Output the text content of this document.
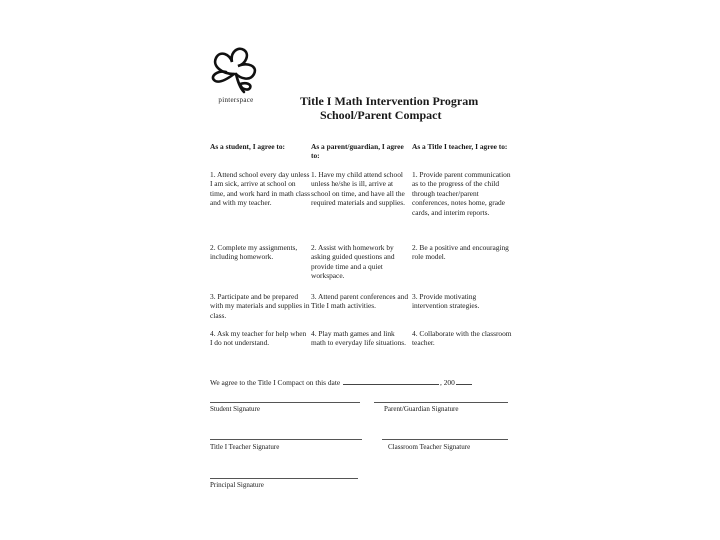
pinterspace	Title I Math Intervention Program
School/Parent Compact
As a student, I agree to:	As a parent/guardian, I agree to:
As a Title I teacher, I agree to:
1. Attend school every day unless I am sick, arrive at school on time, and work hard in math class and with my teacher.
1. Have my child attend school unless he/she is ill, arrive at school on time, and have all the required materials and supplies.
1. Provide parent communication as to the progress of the child through teacher/parent conferences, notes home, grade cards, and interim reports.
2. Complete my assignments, including homework.
2. Assist with homework by asking guided questions and provide time and a quiet workspace.
2. Be a positive and encouraging role model.
3. Participate and be prepared with my materials and supplies in class.
3. Attend parent conferences and Title I math activities.
3. Provide motivating intervention strategies.
4. Ask my teacher for help when I do not understand.
4. Play math games and link math to everyday life situations.
4. Collaborate with the classroom teacher.
We agree to the Title I Compact on this date	, 200
Student Signature	Parent/Guardian Signature
Title I Teacher Signature	Classroom Teacher Signature
Principal Signature
